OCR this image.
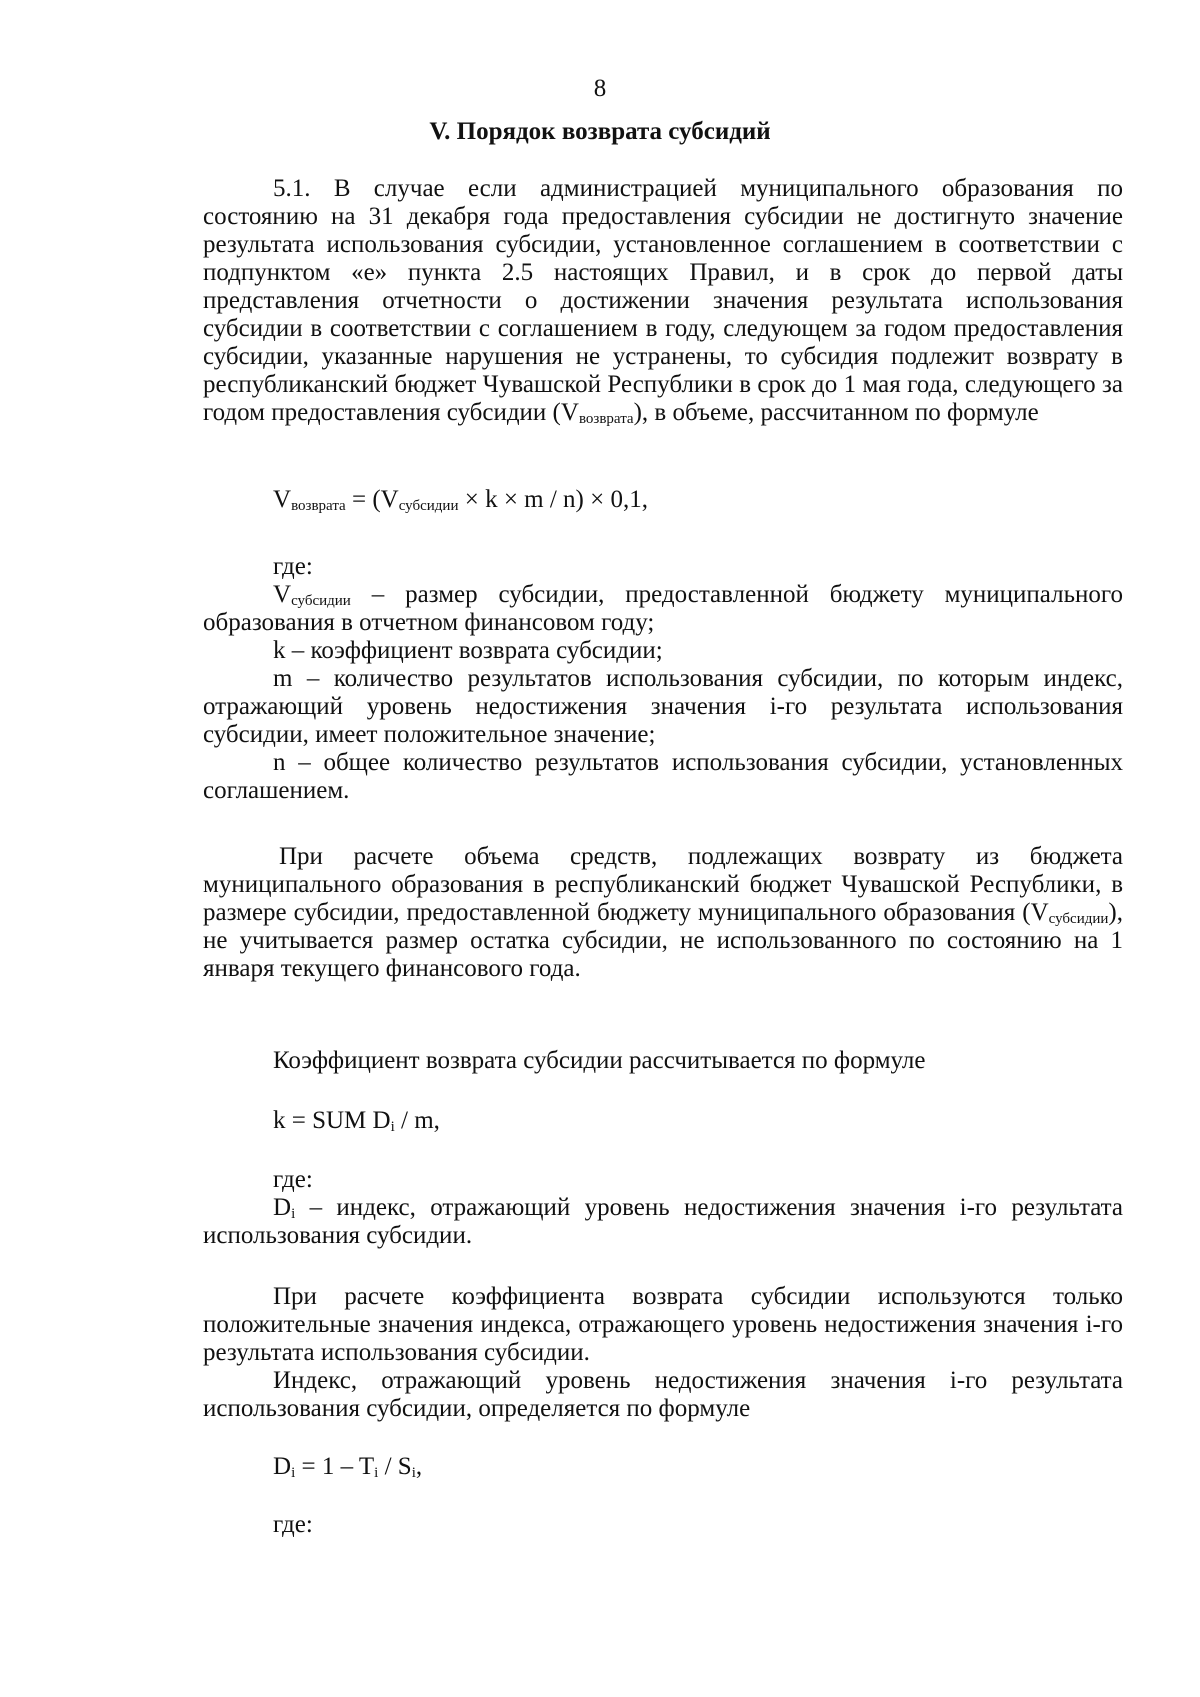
8
V. Порядок возврата субсидий

5.1. В случае если администрацией муниципального образования по состоянию на 31 декабря года предоставления субсидии не достигнуто значение результата использования субсидии, установленное соглашением в соответствии с подпунктом «е» пункта 2.5 настоящих Правил, и в срок до первой даты представления отчетности о достижении значения результата использования субсидии в соответствии с соглашением в году, следующем за годом предоставления субсидии, указанные нарушения не устранены, то субсидия подлежит возврату в республиканский бюджет Чувашской Республики в срок до 1 мая года, следующего за годом предоставления субсидии $(V_{возврата})$, в объеме, рассчитанном по формуле

$V_{возврата} = (V_{субсидии} \times k \times m / n) \times 0,1$,

где:

$V_{субсидии}$ – размер субсидии, предоставленной бюджету муниципального образования в отчетном финансовом году;

k – коэффициент возврата субсидии;

m – количество результатов использования субсидии, по которым индекс, отражающий уровень недостижения значения i-го результата использования субсидии, имеет положительное значение;

n – общее количество результатов использования субсидии, установленных соглашением.

При расчете объема средств, подлежащих возврату из бюджета муниципального образования в республиканский бюджет Чувашской Республики, в размере субсидии, предоставленной бюджету муниципального образования $(V_{субсидии})$, не учитывается размер остатка субсидии, не использованного по состоянию на 1 января текущего финансового года.

Коэффициент возврата субсидии рассчитывается по формуле

k = SUM $D_i$ / m,

где:

$D_i$ – индекс, отражающий уровень недостижения значения i-го результата использования субсидии.

При расчете коэффициента возврата субсидии используются только положительные значения индекса, отражающего уровень недостижения значения i-го результата использования субсидии.

Индекс, отражающий уровень недостижения значения i-го результата использования субсидии, определяется по формуле

$D_i = 1 - T_i / S_i$,

где:
